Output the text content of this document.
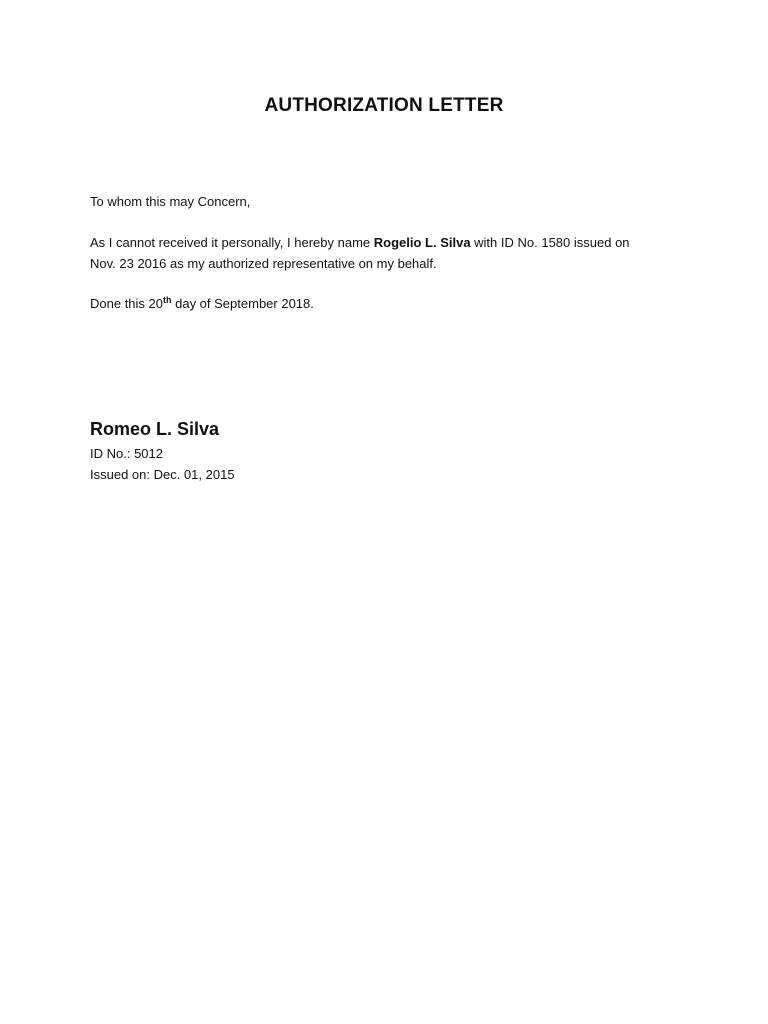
AUTHORIZATION LETTER
To whom this may Concern,
As I cannot received it personally, I hereby name Rogelio L. Silva with ID No. 1580 issued on
Nov. 23 2016 as my authorized representative on my behalf.
Done this 20th day of September 2018.
Romeo L. Silva
ID No.: 5012
Issued on: Dec. 01, 2015
